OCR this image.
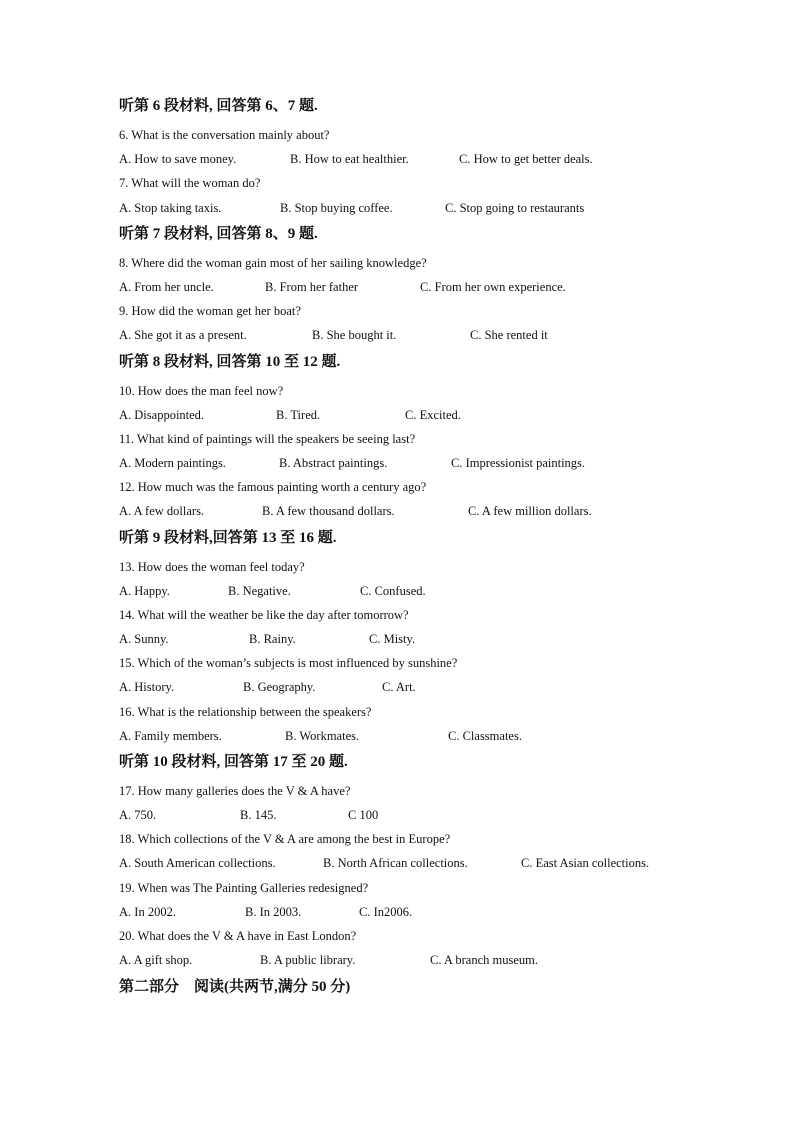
听第 6 段材料, 回答第 6、7 题.
6. What is the conversation mainly about?
A. How to save money.	B. How to eat healthier.	C. How to get better deals.
7. What will the woman do?
A. Stop taking taxis.	B. Stop buying coffee.	C. Stop going to restaurants
听第 7 段材料, 回答第 8、9 题.
8. Where did the woman gain most of her sailing knowledge?
A. From her uncle.	B. From her father	C. From her own experience.
9. How did the woman get her boat?
A. She got it as a present.	B. She bought it.	C. She rented it
听第 8 段材料, 回答第 10 至 12 题.
10. How does the man feel now?
A. Disappointed.	B. Tired.	C. Excited.
11. What kind of paintings will the speakers be seeing last?
A. Modern paintings.	B. Abstract paintings.	C. Impressionist paintings.
12. How much was the famous painting worth a century ago?
A. A few dollars.	B. A few thousand dollars.	C. A few million dollars.
听第 9 段材料,回答第 13 至 16 题.
13. How does the woman feel today?
A. Happy.	B. Negative.	C. Confused.
14. What will the weather be like the day after tomorrow?
A. Sunny.	B. Rainy.	C. Misty.
15. Which of the woman’s subjects is most influenced by sunshine?
A. History.	B. Geography.	C. Art.
16. What is the relationship between the speakers?
A. Family members.	B. Workmates.	C. Classmates.
听第 10 段材料, 回答第 17 至 20 题.
17. How many galleries does the V & A have?
A. 750.	B. 145.	C 100
18. Which collections of the V & A are among the best in Europe?
A. South American collections.	B. North African collections.	C. East Asian collections.
19. When was The Painting Galleries redesigned?
A. In 2002.	B. In 2003.	C. In2006.
20. What does the V & A have in East London?
A. A gift shop.	B. A public library.	C. A branch museum.
第二部分　阅读(共两节,满分 50 分)
